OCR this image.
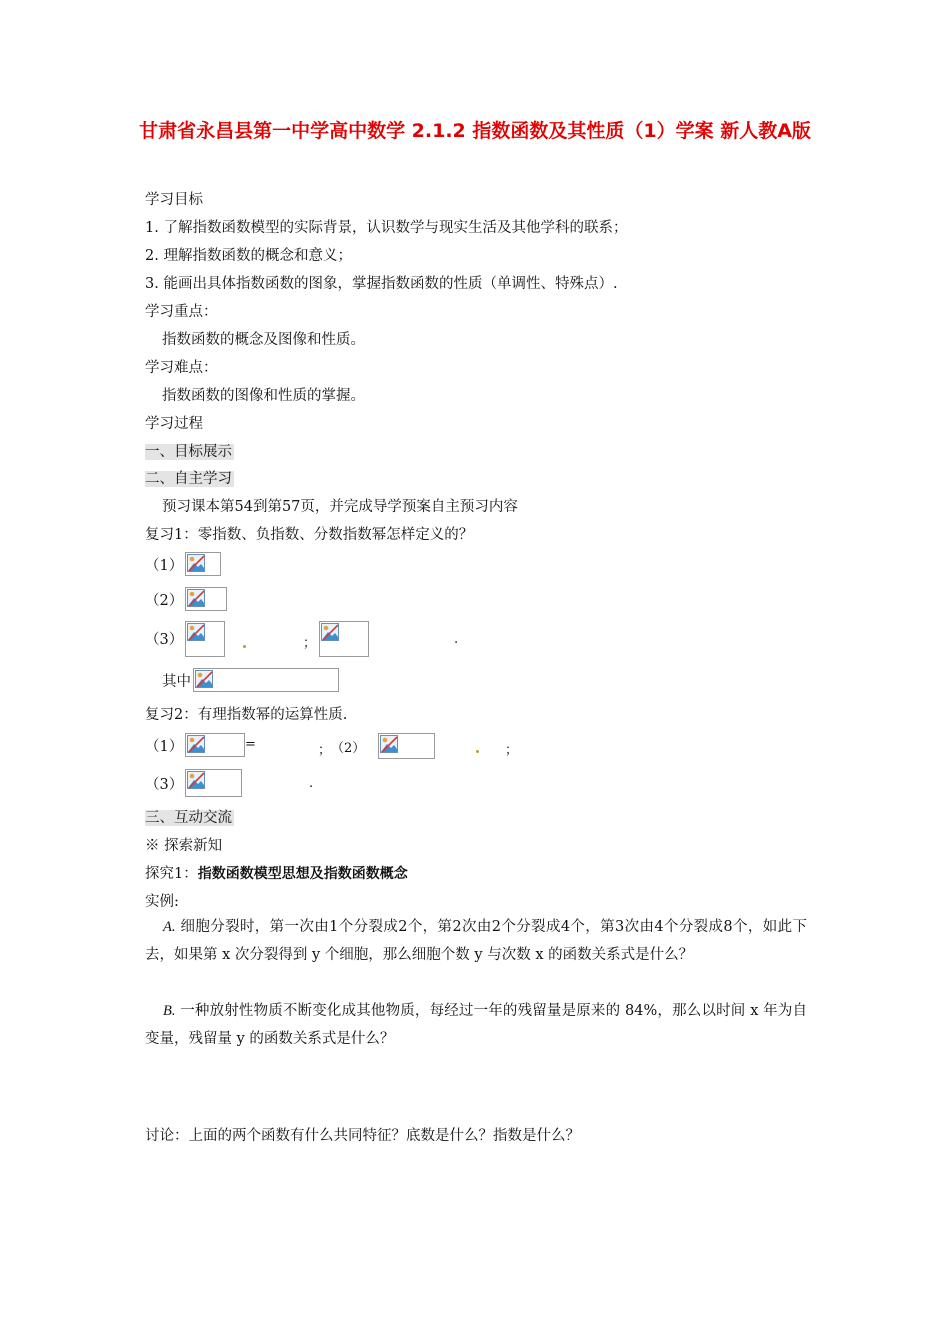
甘肃省永昌县第一中学高中数学 2.1.2 指数函数及其性质（1）学案 新人教A版
学习目标
1. 了解指数函数模型的实际背景，认识数学与现实生活及其他学科的联系；
2. 理解指数函数的概念和意义；
3. 能画出具体指数函数的图象，掌握指数函数的性质（单调性、特殊点）.
学习重点：
指数函数的概念及图像和性质。
学习难点：
指数函数的图像和性质的掌握。
学习过程
一、目标展示
二、自主学习
预习课本第54到第57页，并完成导学预案自主预习内容
复习1：零指数、负指数、分数指数幂怎样定义的？
（1）
（2）
（3）	；	.
其中
复习2：有理指数幂的运算性质.
（1）	=	； （2）	；
（3）	.
三、互动交流
※ 探索新知
探究1：指数函数模型思想及指数函数概念
实例:

A. 细胞分裂时，第一次由1个分裂成2个，第2次由2个分裂成4个，第3次由4个分裂成8个，如此下去，如果第 x 次分裂得到 y 个细胞，那么细胞个数 y 与次数 x 的函数关系式是什么？

B. 一种放射性物质不断变化成其他物质，每经过一年的残留量是原来的 84%，那么以时间 x 年为自变量，残留量 y 的函数关系式是什么？

讨论：上面的两个函数有什么共同特征？底数是什么？指数是什么？
